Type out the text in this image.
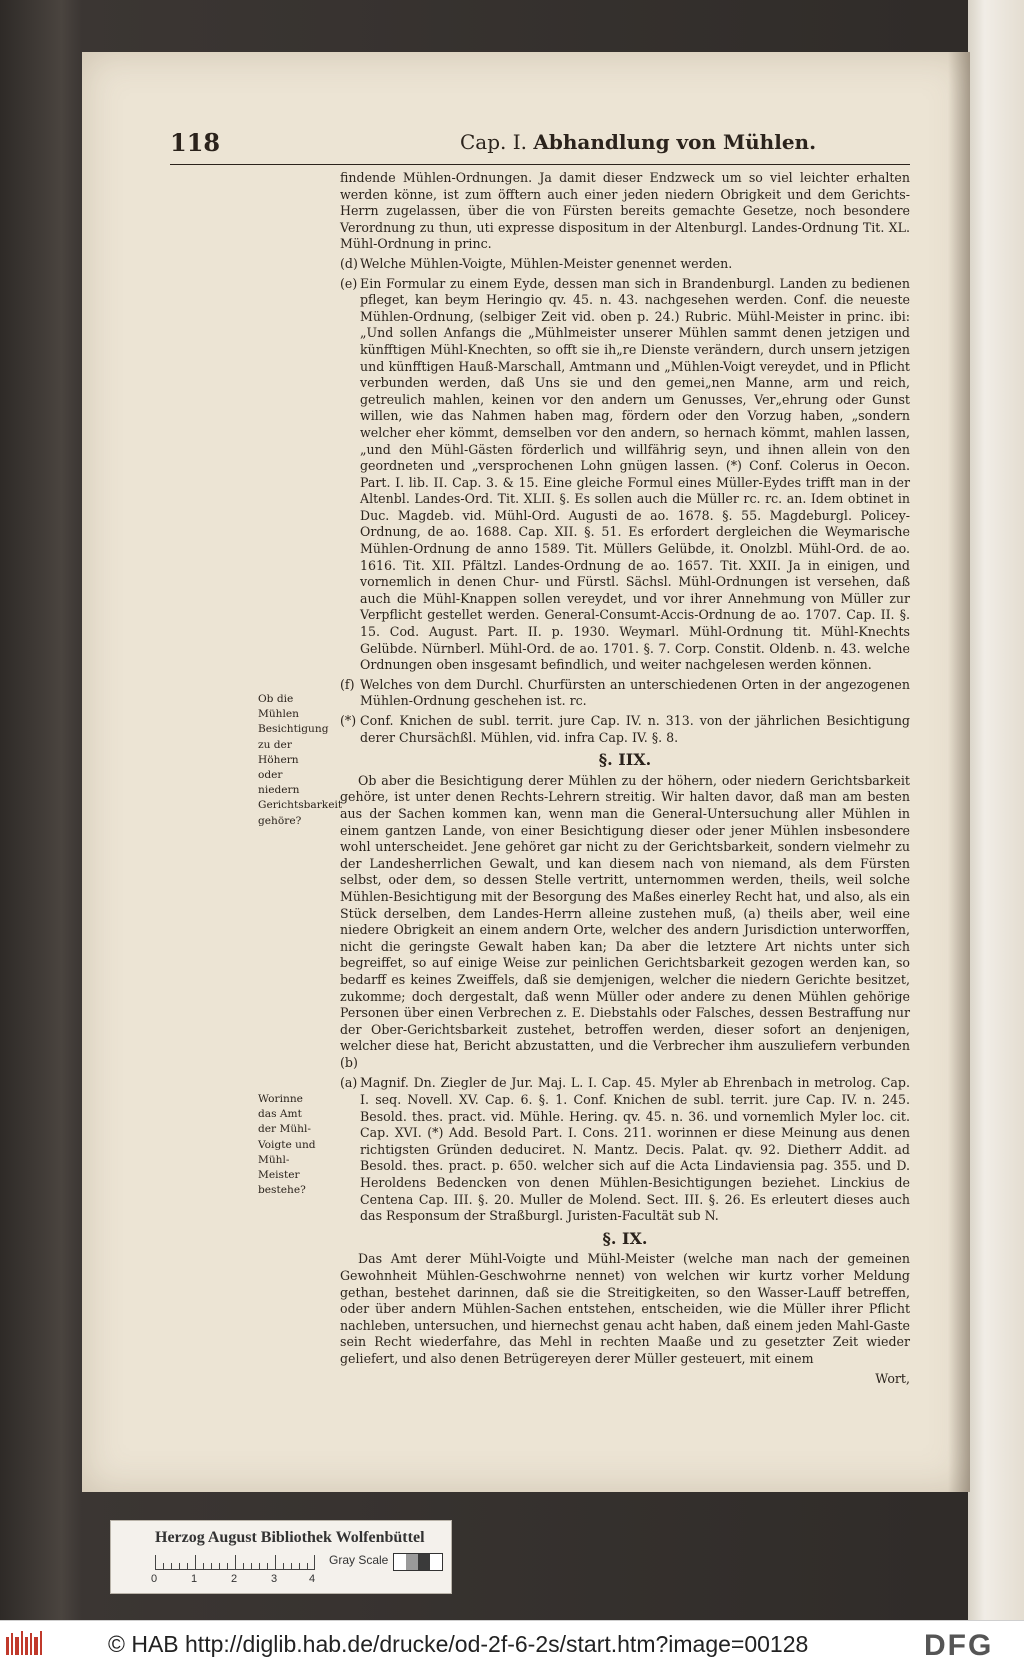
118	Cap. I. Abhandlung von Mühlen.

findende Mühlen-Ordnungen. Ja damit dieser Endzweck um so viel leichter erhalten werden könne, ist zum öfftern auch einer jeden niedern Obrigkeit und dem Gerichts-Herrn zugelassen, über die von Fürsten bereits gemachte Gesetze, noch besondere Verordnung zu thun, uti expresse dispositum in der Altenburgl. Landes-Ordnung Tit. XL. Mühl-Ordnung in princ.

(d) Welche Mühlen-Voigte, Mühlen-Meister genennet werden.
(e) Ein Formular zu einem Eyde, dessen man sich in Brandenburgl. Landen zu bedienen pfleget, kan beym Heringio qv. 45. n. 43. nachgesehen werden. Conf. die neueste Mühlen-Ordnung, (selbiger Zeit vid. oben p. 24.) Rubric. Mühl-Meister in princ. ibi: „Und sollen Anfangs die „Mühlmeister unserer Mühlen sammt denen jetzigen und künfftigen Mühl-Knechten, so offt sie ih„re Dienste verändern, durch unsern jetzigen und künfftigen Hauß-Marschall, Amtmann und „Mühlen-Voigt vereydet, und in Pflicht verbunden werden, daß Uns sie und den gemei„nen Manne, arm und reich, getreulich mahlen, keinen vor den andern um Genusses, Ver„ehrung oder Gunst willen, wie das Nahmen haben mag, fördern oder den Vorzug haben, „sondern welcher eher kömmt, demselben vor den andern, so hernach kömmt, mahlen lassen, „und den Mühl-Gästen förderlich und willfährig seyn, und ihnen allein von den geordneten und „versprochenen Lohn gnügen lassen. (*) Conf. Colerus in Oecon. Part. I. lib. II. Cap. 3. & 15. Eine gleiche Formul eines Müller-Eydes trifft man in der Altenbl. Landes-Ord. Tit. XLII. §. Es sollen auch die Müller rc. rc. an. Idem obtinet in Duc. Magdeb. vid. Mühl-Ord. Augusti de ao. 1678. §. 55. Magdeburgl. Policey-Ordnung, de ao. 1688. Cap. XII. §. 51. Es erfordert dergleichen die Weymarische Mühlen-Ordnung de anno 1589. Tit. Müllers Gelübde, it. Onolzbl. Mühl-Ord. de ao. 1616. Tit. XII. Pfältzl. Landes-Ordnung de ao. 1657. Tit. XXII. Ja in einigen, und vornemlich in denen Chur- und Fürstl. Sächsl. Mühl-Ordnungen ist versehen, daß auch die Mühl-Knappen sollen vereydet, und vor ihrer Annehmung von Müller zur Verpflicht gestellet werden. General-Consumt-Accis-Ordnung de ao. 1707. Cap. II. §. 15. Cod. August. Part. II. p. 1930. Weymarl. Mühl-Ordnung tit. Mühl-Knechts Gelübde. Nürnberl. Mühl-Ord. de ao. 1701. §. 7. Corp. Constit. Oldenb. n. 43. welche Ordnungen oben insgesamt befindlich, und weiter nachgelesen werden können.
(f) Welches von dem Durchl. Churfürsten an unterschiedenen Orten in der angezogenen Mühlen-Ordnung geschehen ist. rc.
(*) Conf. Knichen de subl. territ. jure Cap. IV. n. 313. von der jährlichen Besichtigung derer Chursächßl. Mühlen, vid. infra Cap. IV. §. 8.
§. IIX.

Ob aber die Besichtigung derer Mühlen zu der höhern, oder niedern Gerichtsbarkeit gehöre, ist unter denen Rechts-Lehrern streitig. Wir halten davor, daß man am besten aus der Sachen kommen kan, wenn man die General-Untersuchung aller Mühlen in einem gantzen Lande, von einer Besichtigung dieser oder jener Mühlen insbesondere wohl unterscheidet. Jene gehöret gar nicht zu der Gerichtsbarkeit, sondern vielmehr zu der Landesherrlichen Gewalt, und kan diesem nach von niemand, als dem Fürsten selbst, oder dem, so dessen Stelle vertritt, unternommen werden, theils, weil solche Mühlen-Besichtigung mit der Besorgung des Maßes einerley Recht hat, und also, als ein Stück derselben, dem Landes-Herrn alleine zustehen muß, (a) theils aber, weil eine niedere Obrigkeit an einem andern Orte, welcher des andern Jurisdiction unterworffen, nicht die geringste Gewalt haben kan; Da aber die letztere Art nichts unter sich begreiffet, so auf einige Weise zur peinlichen Gerichtsbarkeit gezogen werden kan, so bedarff es keines Zweiffels, daß sie demjenigen, welcher die niedern Gerichte besitzet, zukomme; doch dergestalt, daß wenn Müller oder andere zu denen Mühlen gehörige Personen über einen Verbrechen z. E. Diebstahls oder Falsches, dessen Bestraffung nur der Ober-Gerichtsbarkeit zustehet, betroffen werden, dieser sofort an denjenigen, welcher diese hat, Bericht abzustatten, und die Verbrecher ihm auszuliefern verbunden (b)

(a) Magnif. Dn. Ziegler de Jur. Maj. L. I. Cap. 45. Myler ab Ehrenbach in metrolog. Cap. I. seq. Novell. XV. Cap. 6. §. 1. Conf. Knichen de subl. territ. jure Cap. IV. n. 245. Besold. thes. pract. vid. Mühle. Hering. qv. 45. n. 36. und vornemlich Myler loc. cit. Cap. XVI. (*) Add. Besold Part. I. Cons. 211. worinnen er diese Meinung aus denen richtigsten Gründen deduciret. N. Mantz. Decis. Palat. qv. 92. Dietherr Addit. ad Besold. thes. pract. p. 650. welcher sich auf die Acta Lindaviensia pag. 355. und D. Heroldens Bedencken von denen Mühlen-Besichtigungen beziehet. Linckius de Centena Cap. III. §. 20. Muller de Molend. Sect. III. §. 26. Es erleutert dieses auch das Responsum der Straßburgl. Juristen-Facultät sub N.
§. IX.

Das Amt derer Mühl-Voigte und Mühl-Meister (welche man nach der gemeinen Gewohnheit Mühlen-Geschwohrne nennet) von welchen wir kurtz vorher Meldung gethan, bestehet darinnen, daß sie die Streitigkeiten, so den Wasser-Lauff betreffen, oder über andern Mühlen-Sachen entstehen, entscheiden, wie die Müller ihrer Pflicht nachleben, untersuchen, und hiernechst genau acht haben, daß einem jeden Mahl-Gaste sein Recht wiederfahre, das Mehl in rechten Maaße und zu gesetzter Zeit wieder geliefert, und also denen Betrügereyen derer Müller gesteuert, mit einem

Wort,

Ob die Mühlen Besichtigung zu der Höhern oder niedern Gerichtsbarkeit gehöre?
Worinne das Amt der Mühl-Voigte und Mühl-Meister bestehe?
Herzog August Bibliothek Wolfenbüttel
0	1	2	3	4
Gray Scale
© HAB http://diglib.hab.de/drucke/od-2f-6-2s/start.htm?image=00128	DFG
